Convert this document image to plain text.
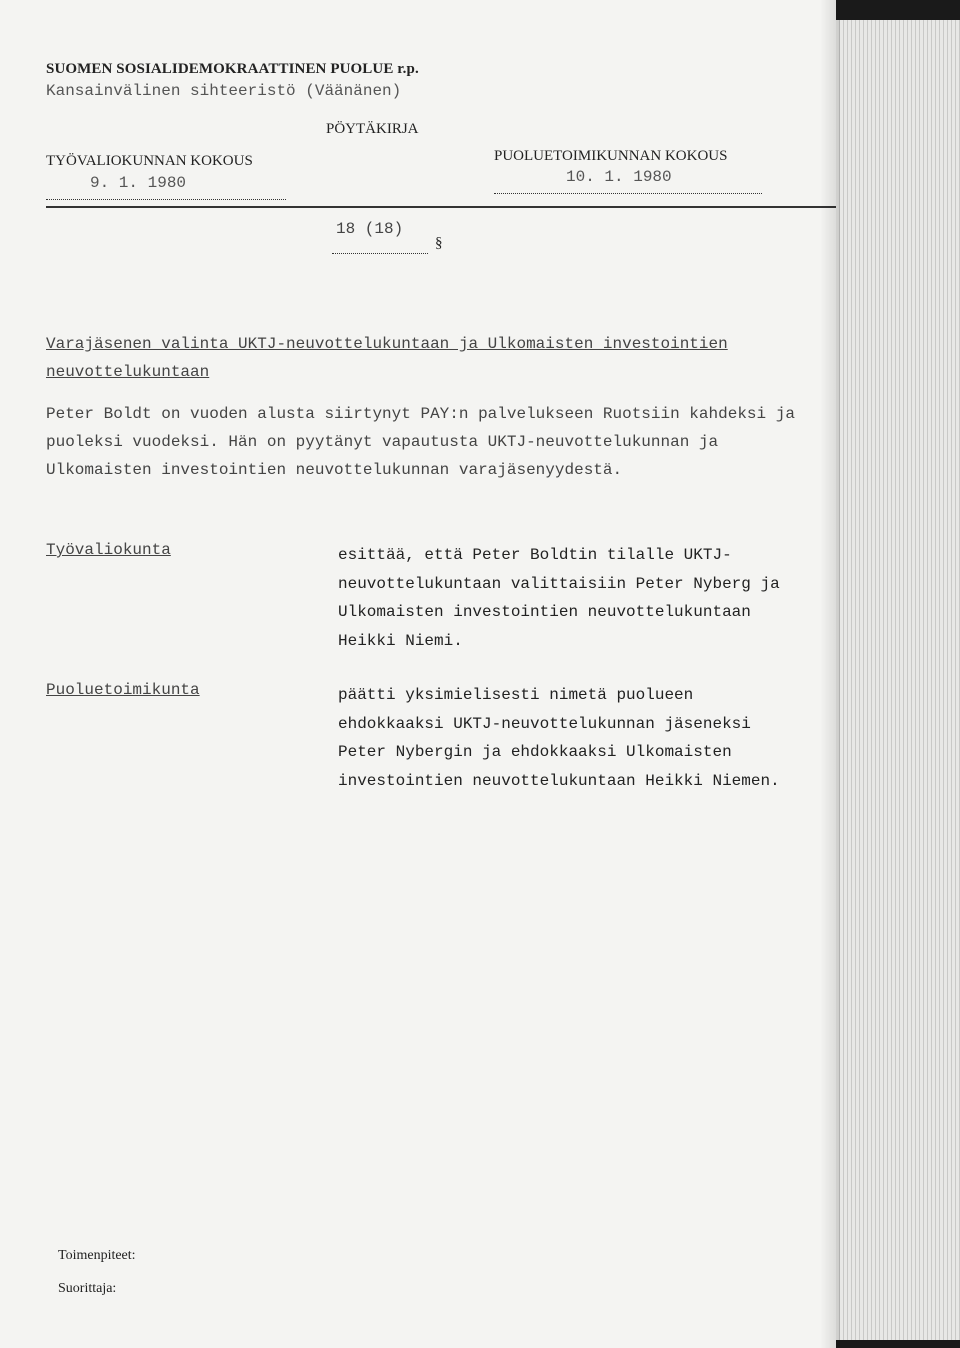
SUOMEN SOSIALIDEMOKRAATTINEN PUOLUE r.p.
Kansainvälinen sihteeristö (Väänänen)
PÖYTÄKIRJA
TYÖVALIOKUNNAN KOKOUS
9. 1. 1980
PUOLUETOIMIKUNNAN KOKOUS
10. 1. 1980
18 (18)
§
Varajäsenen valinta UKTJ-neuvottelukuntaan ja Ulkomaisten investointien neuvottelukuntaan
Peter Boldt on vuoden alusta siirtynyt PAY:n palvelukseen Ruotsiin kahdeksi ja puoleksi vuodeksi. Hän on pyytänyt vapautusta UKTJ-neuvottelukunnan ja Ulkomaisten investointien neuvottelukunnan varajäsenyydestä.
Työvaliokunta	esittää, että Peter Boldtin tilalle UKTJ-neuvottelukuntaan valittaisiin Peter Nyberg ja Ulkomaisten investointien neuvottelukuntaan Heikki Niemi.
Puoluetoimikunta	päätti yksimielisesti nimetä puolueen ehdokkaaksi UKTJ-neuvottelukunnan jäseneksi Peter Nybergin ja ehdokkaaksi Ulkomaisten investointien neuvottelukuntaan Heikki Niemen.
Toimenpiteet:
Suorittaja:
